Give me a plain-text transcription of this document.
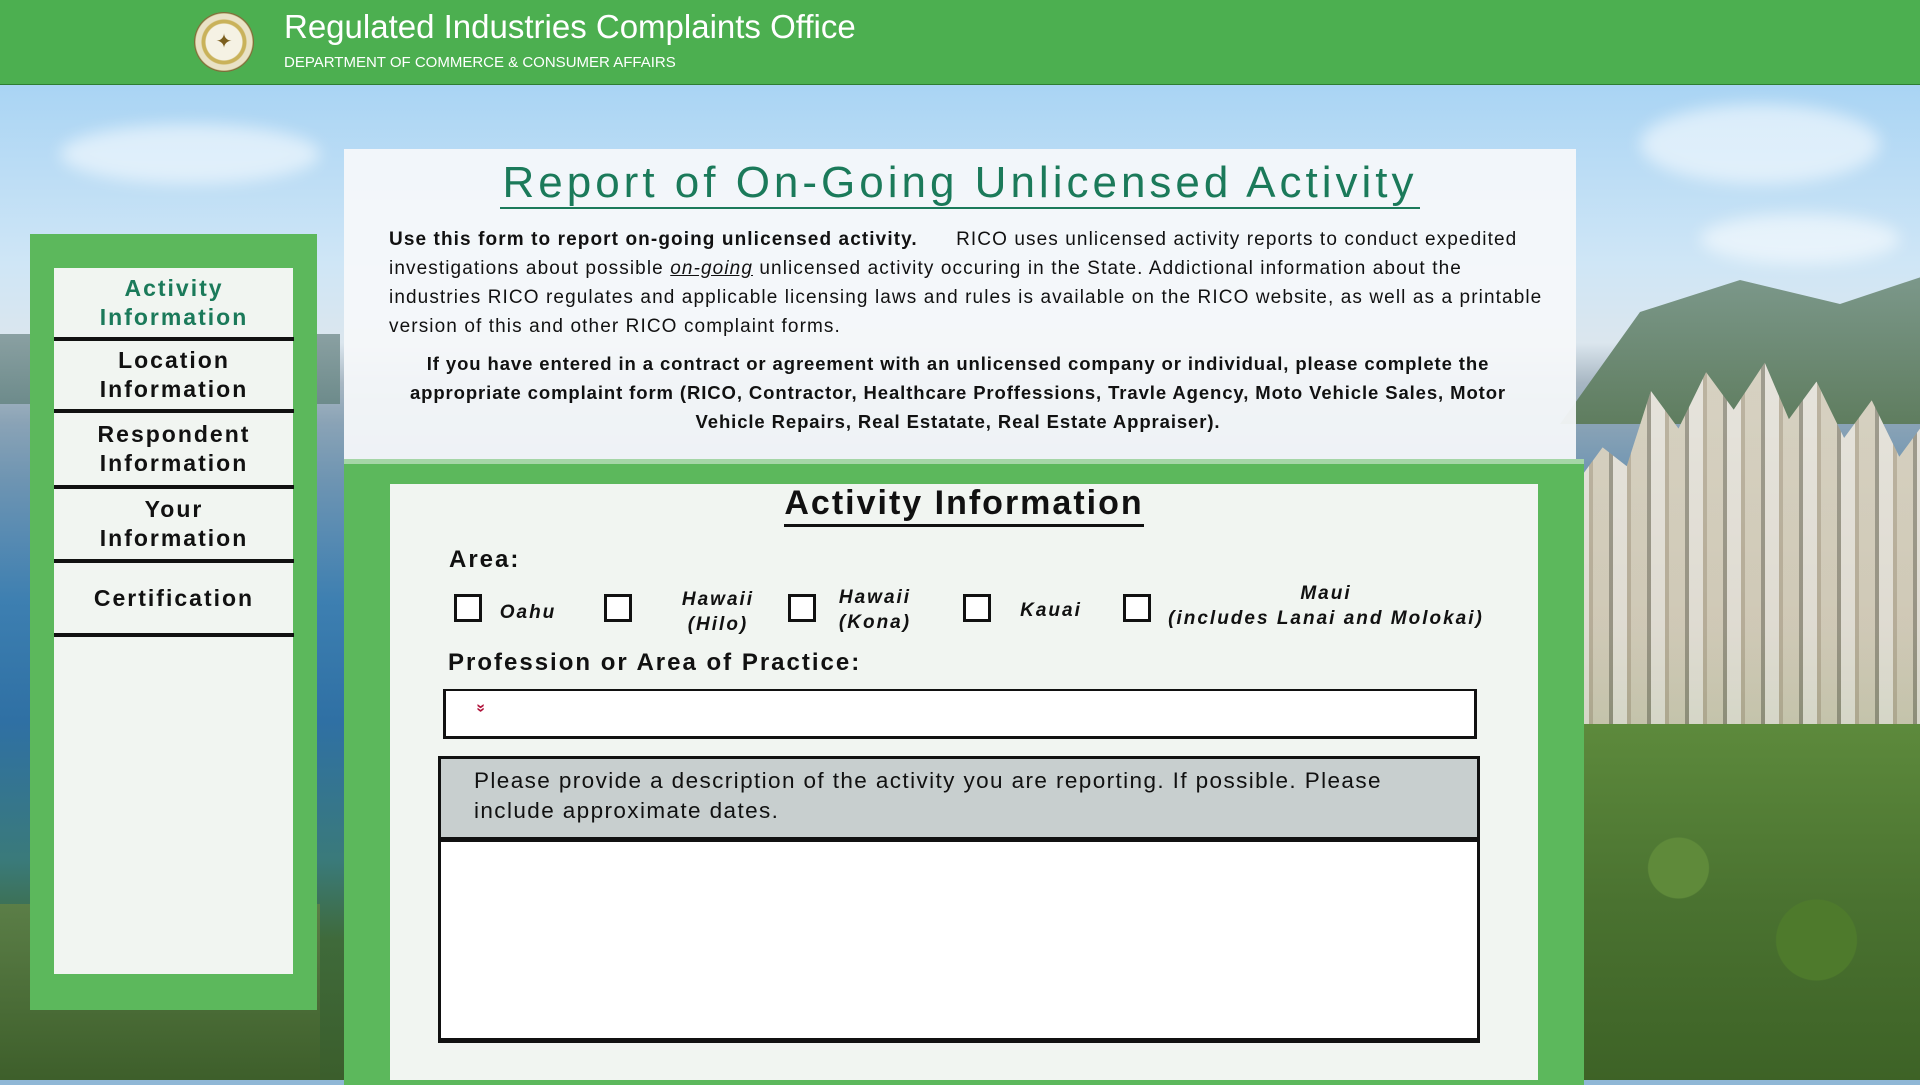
✦	Regulated Industries Complaints Office
DEPARTMENT OF COMMERCE & CONSUMER AFFAIRS
Activity Information
Location Information
Respondent Information
Your Information
Certification
Report of On-Going Unlicensed Activity
Use this form to report on-going unlicensed activity. RICO uses unlicensed activity reports to conduct expedited investigations about possible on-going unlicensed activity occuring in the State. Addictional information about the industries RICO regulates and applicable licensing laws and rules is available on the RICO website, as well as a printable version of this and other RICO complaint forms.
If you have entered in a contract or agreement with an unlicensed company or individual, please complete the appropriate complaint form (RICO, Contractor, Healthcare Proffessions, Travle Agency, Moto Vehicle Sales, Motor Vehicle Repairs, Real Estatate, Real Estate Appraiser).
Activity Information
Area:
Oahu
Hawaii
(Hilo)
Hawaii
(Kona)
Kauai
Maui
(includes Lanai and Molokai)
Profession or Area of Practice:
»
Please provide a description of the activity you are reporting. If possible. Please include approximate dates.
